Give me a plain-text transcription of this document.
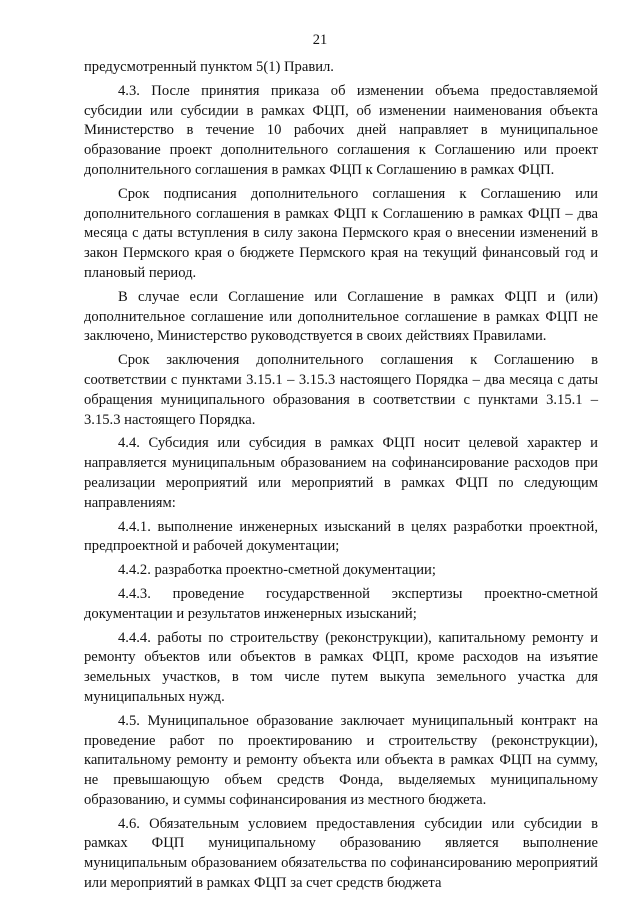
21

предусмотренный пунктом 5(1) Правил.

4.3. После принятия приказа об изменении объема предоставляемой субсидии или субсидии в рамках ФЦП, об изменении наименования объекта Министерство в течение 10 рабочих дней направляет в муниципальное образование проект дополнительного соглашения к Соглашению или проект дополнительного соглашения в рамках ФЦП к Соглашению в рамках ФЦП.

Срок подписания дополнительного соглашения к Соглашению или дополнительного соглашения в рамках ФЦП к Соглашению в рамках ФЦП – два месяца с даты вступления в силу закона Пермского края о внесении изменений в закон Пермского края о бюджете Пермского края на текущий финансовый год и плановый период.

В случае если Соглашение или Соглашение в рамках ФЦП и (или) дополнительное соглашение или дополнительное соглашение в рамках ФЦП не заключено, Министерство руководствуется в своих действиях Правилами.

Срок заключения дополнительного соглашения к Соглашению в соответствии с пунктами 3.15.1 – 3.15.3 настоящего Порядка – два месяца с даты обращения муниципального образования в соответствии с пунктами 3.15.1 – 3.15.3 настоящего Порядка.

4.4. Субсидия или субсидия в рамках ФЦП носит целевой характер и направляется муниципальным образованием на софинансирование расходов при реализации мероприятий или мероприятий в рамках ФЦП по следующим направлениям:

4.4.1. выполнение инженерных изысканий в целях разработки проектной, предпроектной и рабочей документации;

4.4.2. разработка проектно-сметной документации;

4.4.3. проведение государственной экспертизы проектно-сметной документации и результатов инженерных изысканий;

4.4.4. работы по строительству (реконструкции), капитальному ремонту и ремонту объектов или объектов в рамках ФЦП, кроме расходов на изъятие земельных участков, в том числе путем выкупа земельного участка для муниципальных нужд.

4.5. Муниципальное образование заключает муниципальный контракт на проведение работ по проектированию и строительству (реконструкции), капитальному ремонту и ремонту объекта или объекта в рамках ФЦП на сумму, не превышающую объем средств Фонда, выделяемых муниципальному образованию, и суммы софинансирования из местного бюджета.

4.6. Обязательным условием предоставления субсидии или субсидии в рамках ФЦП муниципальному образованию является выполнение муниципальным образованием обязательства по софинансированию мероприятий или мероприятий в рамках ФЦП за счет средств бюджета
